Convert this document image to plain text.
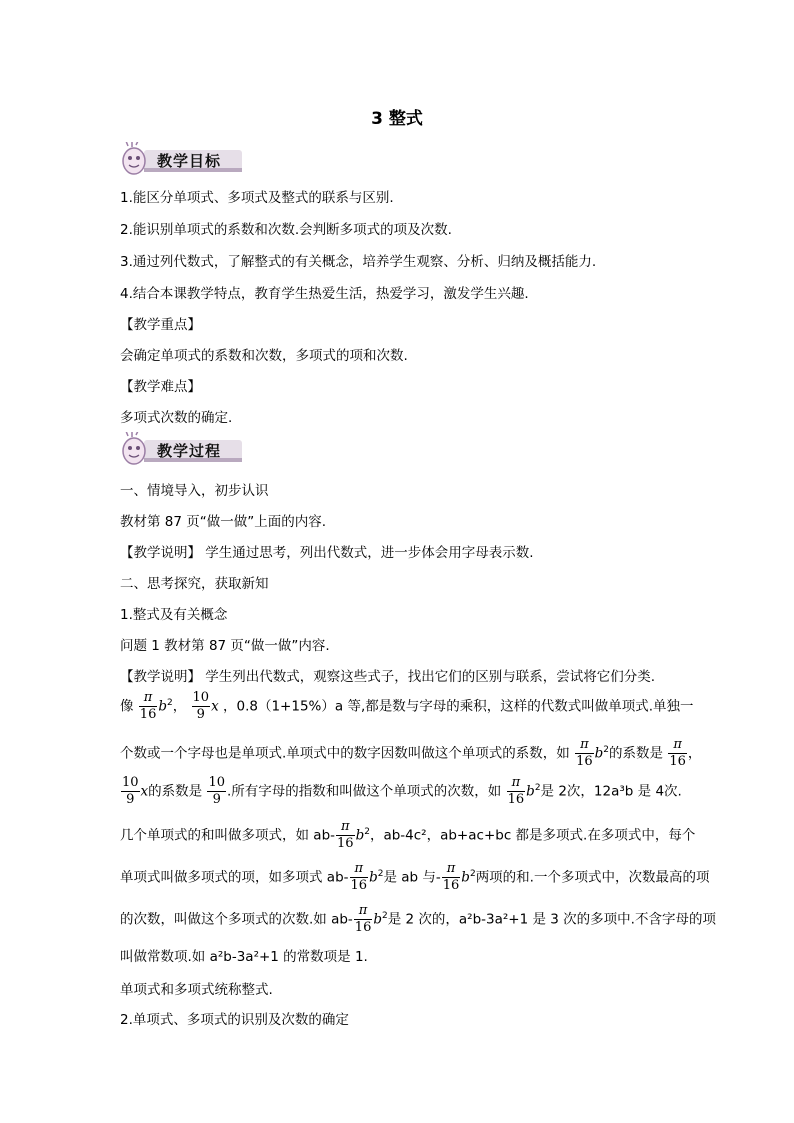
3 整式
教学目标
1.能区分单项式、多项式及整式的联系与区别.
2.能识别单项式的系数和次数.会判断多项式的项及次数.
3.通过列代数式，了解整式的有关概念，培养学生观察、分析、归纳及概括能力.
4.结合本课教学特点，教育学生热爱生活，热爱学习，激发学生兴趣.
【教学重点】
会确定单项式的系数和次数，多项式的项和次数.
【教学难点】
多项式次数的确定.
教学过程
一、情境导入，初步认识
教材第 87 页“做一做”上面的内容.
【教学说明】 学生通过思考，列出代数式，进一步体会用字母表示数.
二、思考探究，获取新知
1.整式及有关概念
问题 1 教材第 87 页“做一做”内容.
【教学说明】 学生列出代数式，观察这些式子，找出它们的区别与联系，尝试将它们分类.
像 $\frac{\pi}{16} b^2$， $\frac{10}{9}$ x ，0.8（1+15%）a 等,都是数与字母的乘积，这样的代数式叫做单项式.单独一
个数或一个字母也是单项式.单项式中的数字因数叫做这个单项式的系数，如 $\frac{\pi}{16} b^2$的系数是 $\frac{\pi}{16}$ ，
$\frac{10}{9}$ x的系数是 $\frac{10}{9}$ .所有字母的指数和叫做这个单项式的次数，如 $\frac{\pi}{16} b^2$是 2次，12a³b 是 4次.
几个单项式的和叫做多项式，如 $ab- \frac{\pi}{16} b^2$，ab-4c²，ab+ac+bc 都是多项式.在多项式中，每个
单项式叫做多项式的项，如多项式 $ab- \frac{\pi}{16} b^2$是 ab 与- $\frac{\pi}{16} b^2$两项的和.一个多项式中，次数最高的项
的次数，叫做这个多项式的次数.如 $ab- \frac{\pi}{16} b^2$是 2 次的，a²b-3a²+1 是 3 次的多项中.不含字母的项
叫做常数项.如 a²b-3a²+1 的常数项是 1.
单项式和多项式统称整式.
2.单项式、多项式的识别及次数的确定
